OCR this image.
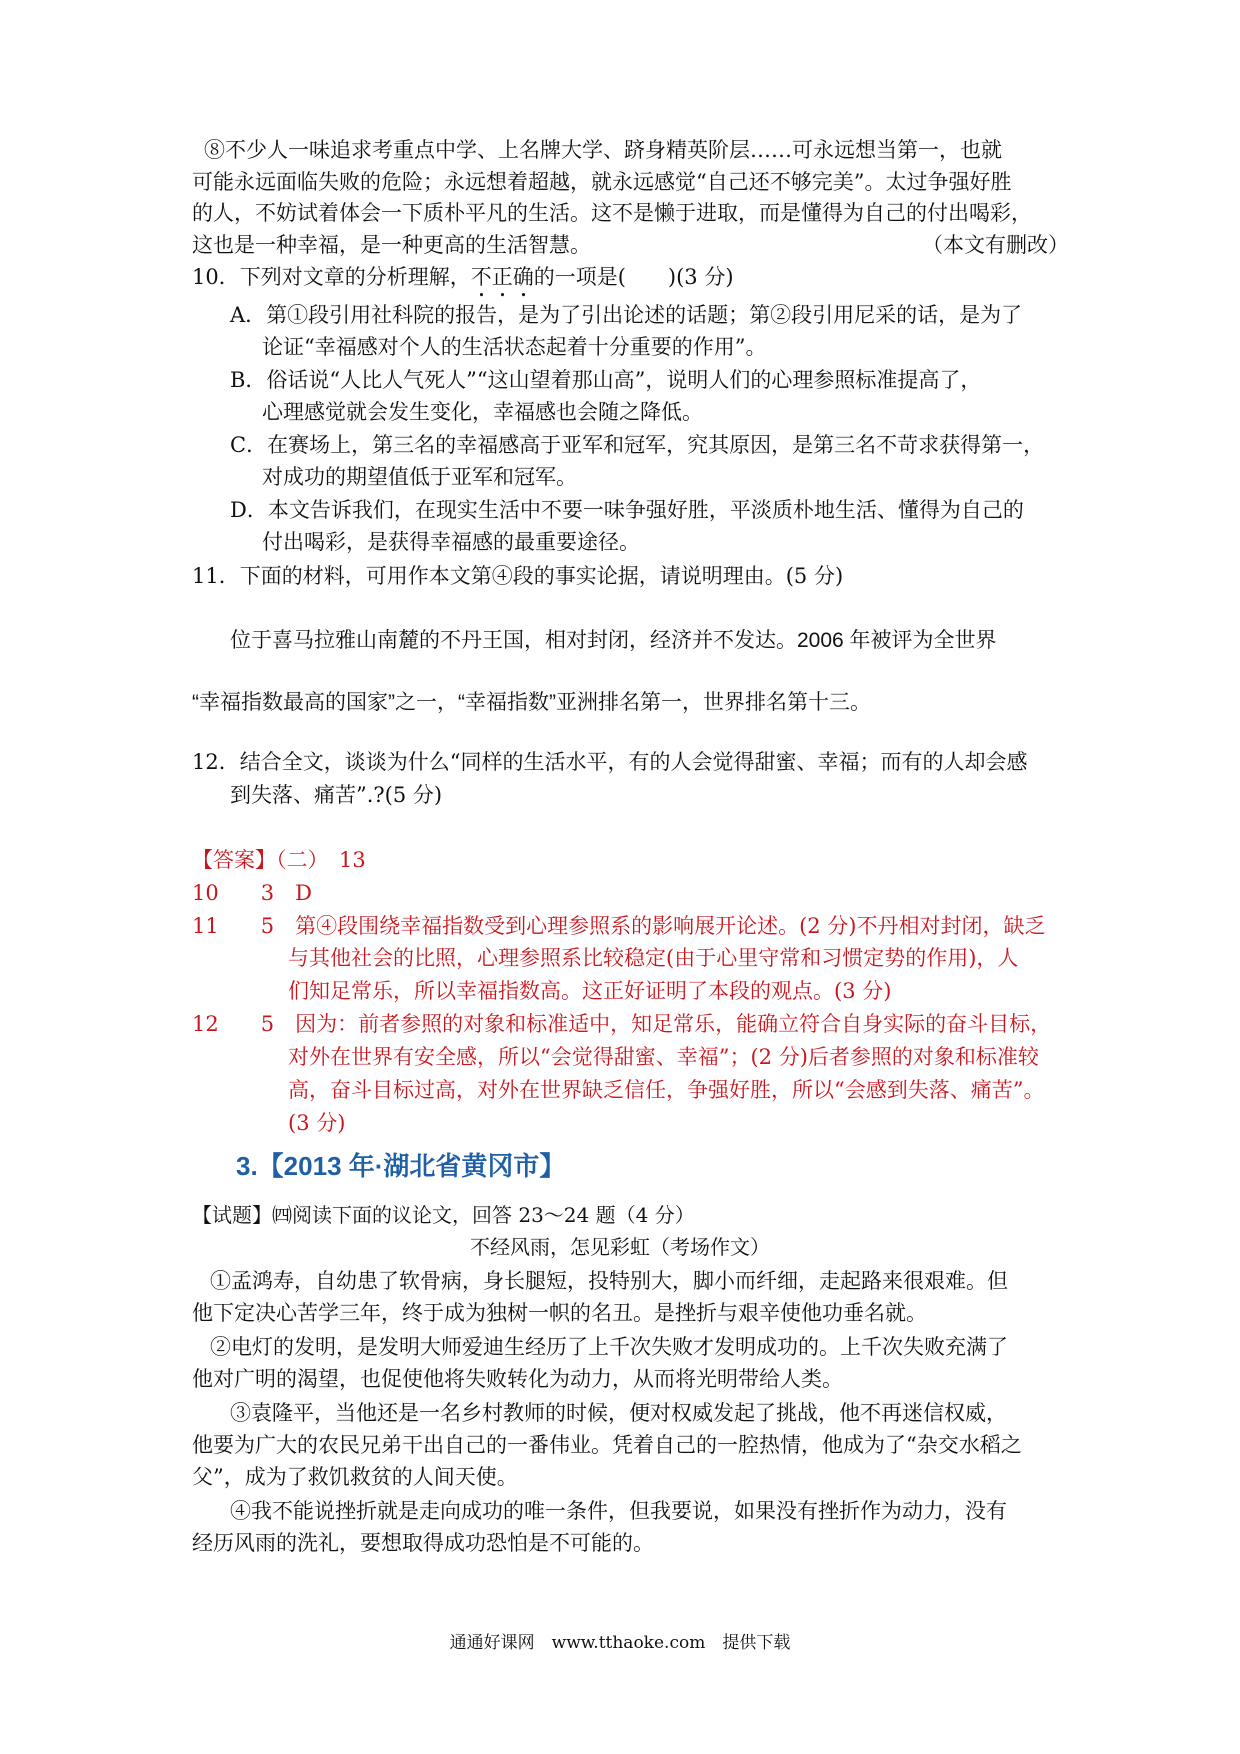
⑧不少人一味追求考重点中学、上名牌大学、跻身精英阶层……可永远想当第一，也就
可能永远面临失败的危险；永远想着超越，就永远感觉“自己还不够完美”。太过争强好胜
的人，不妨试着体会一下质朴平凡的生活。这不是懒于进取，而是懂得为自己的付出喝彩，
这也是一种幸福，是一种更高的生活智慧。	（本文有删改）
10．下列对文章的分析理解，不正确的一项是(　　)(3 分)
A．第①段引用社科院的报告，是为了引出论述的话题；第②段引用尼采的话，是为了
论证“幸福感对个人的生活状态起着十分重要的作用”。
B．俗话说“人比人气死人”“这山望着那山高”，说明人们的心理参照标准提高了，
心理感觉就会发生变化，幸福感也会随之降低。
C．在赛场上，第三名的幸福感高于亚军和冠军，究其原因，是第三名不苛求获得第一，
对成功的期望值低于亚军和冠军。
D．本文告诉我们，在现实生活中不要一味争强好胜，平淡质朴地生活、懂得为自己的
付出喝彩，是获得幸福感的最重要途径。
11．下面的材料，可用作本文第④段的事实论据，请说明理由。(5 分)
位于喜马拉雅山南麓的不丹王国，相对封闭，经济并不发达。2006 年被评为全世界
“幸福指数最高的国家”之一，“幸福指数”亚洲排名第一，世界排名第十三。
12．结合全文，谈谈为什么“同样的生活水平，有的人会觉得甜蜜、幸福；而有的人却会感
到失落、痛苦”.?(5 分)
【答案】（二）　13
10　　3　D
11　　5　第④段围绕幸福指数受到心理参照系的影响展开论述。(2 分)不丹相对封闭，缺乏
与其他社会的比照，心理参照系比较稳定(由于心里守常和习惯定势的作用)，人
们知足常乐，所以幸福指数高。这正好证明了本段的观点。(3 分)
12　　5　因为：前者参照的对象和标准适中，知足常乐，能确立符合自身实际的奋斗目标，
对外在世界有安全感，所以“会觉得甜蜜、幸福”；(2 分)后者参照的对象和标准较
高，奋斗目标过高，对外在世界缺乏信任，争强好胜，所以“会感到失落、痛苦”。
(3 分)
3.【2013 年·湖北省黄冈市】
【试题】㈣阅读下面的议论文，回答 23～24 题（4 分）
不经风雨，怎见彩虹（考场作文）
①孟鸿寿，自幼患了软骨病，身长腿短，投特别大，脚小而纤细，走起路来很艰难。但
他下定决心苦学三年，终于成为独树一帜的名丑。是挫折与艰辛使他功垂名就。
②电灯的发明，是发明大师爱迪生经历了上千次失败才发明成功的。上千次失败充满了
他对广明的渴望，也促使他将失败转化为动力，从而将光明带给人类。
③袁隆平，当他还是一名乡村教师的时候，便对权威发起了挑战，他不再迷信权威，
他要为广大的农民兄弟干出自己的一番伟业。凭着自己的一腔热情，他成为了“杂交水稻之
父”，成为了救饥救贫的人间天使。
④我不能说挫折就是走向成功的唯一条件，但我要说，如果没有挫折作为动力，没有
经历风雨的洗礼，要想取得成功恐怕是不可能的。
通通好课网　www.tthaoke.com　提供下载
